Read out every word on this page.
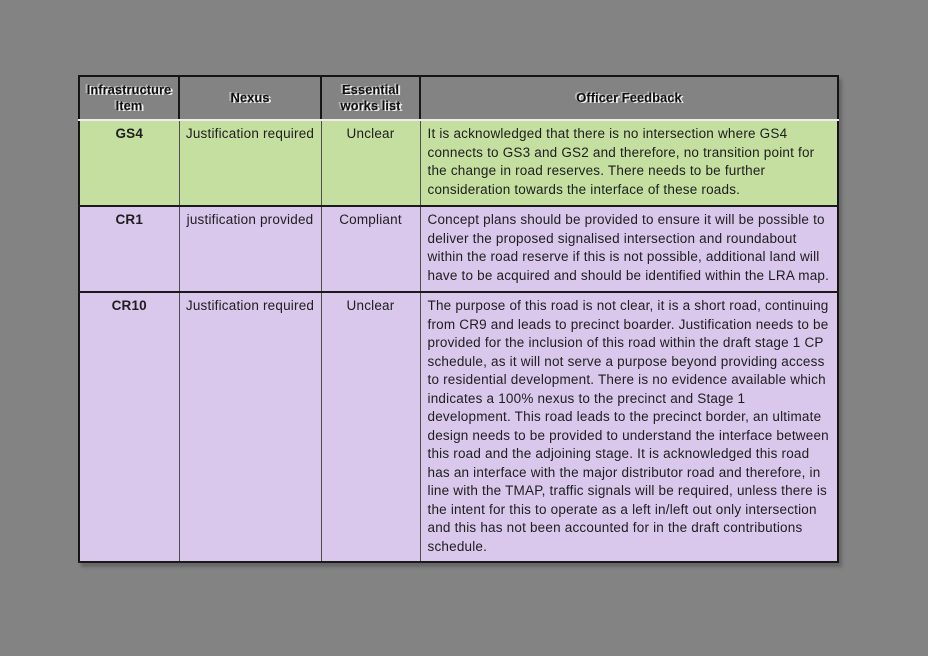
Infrastructure Item	Nexus	Essential works list	Officer Feedback
GS4	Justification required	Unclear	It is acknowledged that there is no intersection where GS4 connects to GS3 and GS2 and therefore, no transition point for the change in road reserves. There needs to be further consideration towards the interface of these roads.
CR1	justification provided	Compliant	Concept plans should be provided to ensure it will be possible to deliver the proposed signalised intersection and roundabout within the road reserve if this is not possible, additional land will have to be acquired and should be identified within the LRA map.
CR10	Justification required	Unclear	The purpose of this road is not clear, it is a short road, continuing from CR9 and leads to precinct boarder. Justification needs to be provided for the inclusion of this road within the draft stage 1 CP schedule, as it will not serve a purpose beyond providing access to residential development. There is no evidence available which indicates a 100% nexus to the precinct and Stage 1 development. This road leads to the precinct border, an ultimate design needs to be provided to understand the interface between this road and the adjoining stage. It is acknowledged this road has an interface with the major distributor road and therefore, in line with the TMAP, traffic signals will be required, unless there is the intent for this to operate as a left in/left out only intersection and this has not been accounted for in the draft contributions schedule.
